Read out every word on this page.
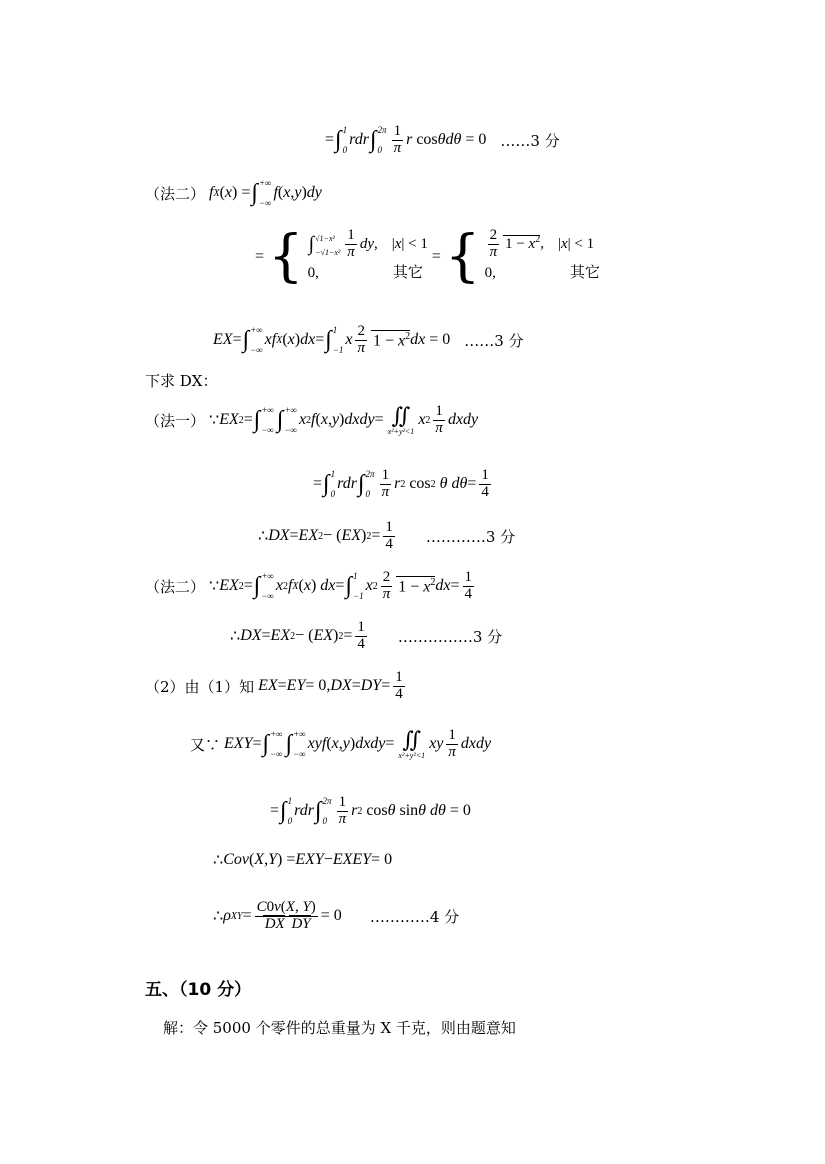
= ∫ 1
0
rdr ∫ 2π
$0 \frac{1}{\pi}$ r cos θdθ
= 0 ……3 分
（法二）
f X ( x ) = ∫ +∞
−∞
f ( x , y ) dy
= { ∫ √1−x²
$-√1-x^2 \frac{1}{\pi}$ dy , |x| < 1
0,	其它
= { $\frac{2}{\pi} 1 - x^2$, |x| < 1
0,	其它
EX = ∫ +∞
−∞
xf X ( x ) dx = ∫ 1
−1
x $\frac{2}{\pi} 1 - x^2$ dx
= 0 ……3 分
下求 DX：
（法一） ∵ EX 2 = ∫ +∞
−∞ ∫ +∞
−∞
x 2 f ( x , y ) dxdy = ∬
x²+y²<1
x $2 \frac{1}{\pi}$ dxdy
= ∫ 1
0
rdr ∫ 2π
$0 \frac{1}{\pi}$ r 2 cos 2
θ
$d\theta = \frac{1}{4}$
∴ DX = EX 2 − ( EX ) $2 = \frac{1}{4}$ …………3 分
（法二） ∵ EX 2 = ∫ +∞
−∞
x 2 f X ( x ) dx = ∫ 1
−1
x $2 \frac{2}{\pi} 1 - x^2$ dx = $\frac{1}{4}$
∴ DX = EX 2 − ( EX ) $2 = \frac{1}{4}$ ……………3 分
（2）由（1）知
EX = EY = 0, DX = DY = $\frac{1}{4}$
又∵
EXY = ∫ +∞
−∞ ∫ +∞
−∞
xyf ( x , y ) dxdy = ∬
x²+y²<1
xy $\frac{1}{\pi}$ dxdy
= ∫ 1
0
rdr ∫ 2π
$0 \frac{1}{\pi}$ r 2 cos θ sin θ
dθ
= 0
∴ Cov ( X , Y ) = EXY − EXEY = 0
∴ ρ XY = $\frac{C0v(X, Y)}{\text{DX DY}} = 0$ …………4 分
五、（10 分）
解：令 5000 个零件的总重量为 X 千克，则由题意知
